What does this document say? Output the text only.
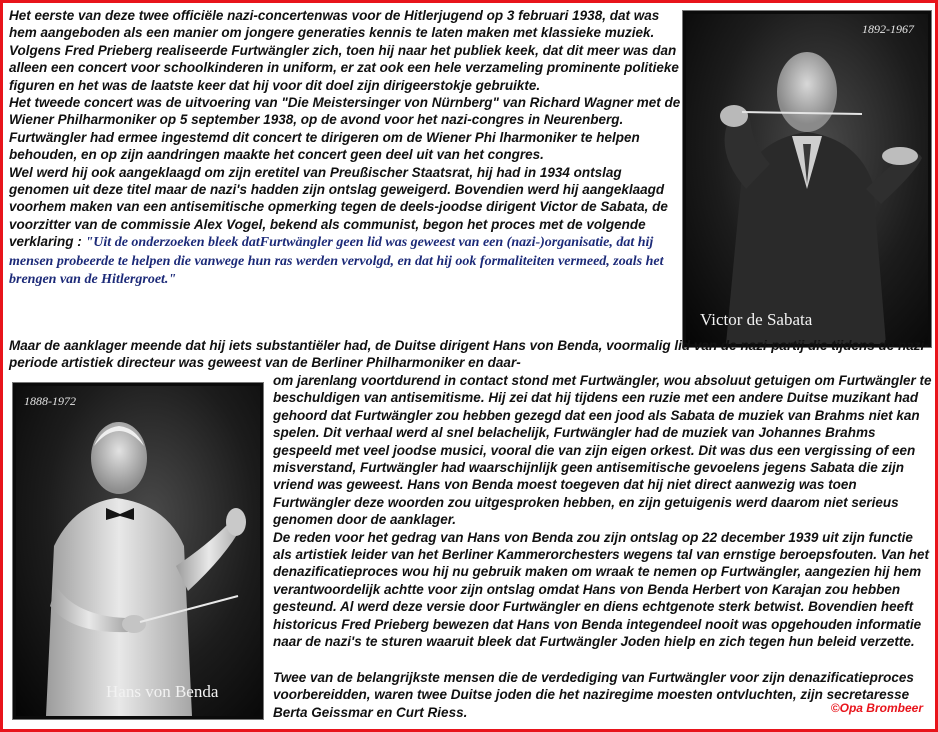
Het eerste van deze twee officiële nazi-concertenwas voor de Hitlerjugend op 3 februari 1938, dat was hem aangeboden als een manier om jongere generaties kennis te laten maken met klassieke muziek. Volgens Fred Prieberg realiseerde Furtwängler zich, toen hij naar het publiek keek, dat dit meer was dan alleen een concert voor schoolkinderen in uniform, er zat ook een hele verzameling prominente politieke figuren en het was de laatste keer dat hij voor dit doel zijn dirigeerstokje gebruikte.
Het tweede concert was de uitvoering van "Die Meistersinger von Nürnberg" van Richard Wagner met de Wiener Philharmoniker op 5 september 1938, op de avond voor het nazi-congres in Neurenberg. Furtwängler had ermee ingestemd dit concert te dirigeren om de Wiener Phi lharmoniker te helpen behouden, en op zijn aandringen maakte het concert geen deel uit van het congres.
Wel werd hij ook aangeklaagd om zijn eretitel van Preußischer Staatsrat, hij had in 1934 ontslag genomen uit deze titel maar de nazi's hadden zijn ontslag geweigerd. Bovendien werd hij aangeklaagd voorheт maken van een antisemitische opmerking tegen de deels-joodse dirigent Victor de Sabata, de voorzitter van de commissie Alex Vogel, bekend als communist, begon het proces met de volgende verklaring : "Uit de onderzoeken bleek datFurtwängler geen lid was geweest van een (nazi-)organisatie, dat hij mensen probeerde te helpen die vanwege hun ras werden vervolgd, en dat hij ook formaliteiten vermeed, zoals het brengen van de Hitlergroet."
1892-1967
Victor de Sabata
Maar de aanklager meende dat hij iets substantiëler had, de Duitse dirigent Hans von Benda, voormalig lid van de nazi-partij die tijdens de nazi-periode artistiek directeur was geweest van de Berliner Philharmoniker en daar-
1888-1972
Hans von Benda
om jarenlang voortdurend in contact stond met Furtwängler, wou absoluut getuigen om Furtwängler te beschuldigen van antisemitisme. Hij zei dat hij tijdens een ruzie met een andere Duitse muzikant had gehoord dat Furtwängler zou hebben gezegd dat een jood als Sabata de muziek van Brahms niet kan spelen. Dit verhaal werd al snel belachelijk, Furtwängler had de muziek van Johannes Brahms gespeeld met veel joodse musici, vooral die van zijn eigen orkest. Dit was dus een vergissing of een misverstand, Furtwängler had waarschijnlijk geen antisemitische gevoelens jegens Sabata die zijn vriend was geweest. Hans von Benda moest toegeven dat hij niet direct aanwezig was toen Furtwängler deze woorden zou uitgesproken hebben, en zijn getuigenis werd daarom niet serieus genomen door de aanklager.
De reden voor het gedrag van Hans von Benda zou zijn ontslag op 22 december 1939 uit zijn functie als artistiek leider van het Berliner Kammerorchesters wegens tal van ernstige beroepsfouten. Van het denazificatieproces wou hij nu gebruik maken om wraak te nemen op Furtwängler, aangezien hij hem verantwoordelijk achtte voor zijn ontslag omdat Hans von Benda Herbert von Karajan zou hebben gesteund. Al werd deze versie door Furtwängler en diens echtgenote sterk betwist. Bovendien heeft historicus Fred Prieberg bewezen dat Hans von Benda integendeel nooit was opgehouden informatie naar de nazi's te sturen waaruit bleek dat Furtwängler Joden hielp en zich tegen hun beleid verzette.
Twee van de belangrijkste mensen die de verdediging van Furtwängler voor zijn denazificatieproces voorbereidden, waren twee Duitse joden die het naziregime moesten ontvluchten, zijn secretaresse Berta Geissmar en Curt Riess.	©Opa Brombeer
